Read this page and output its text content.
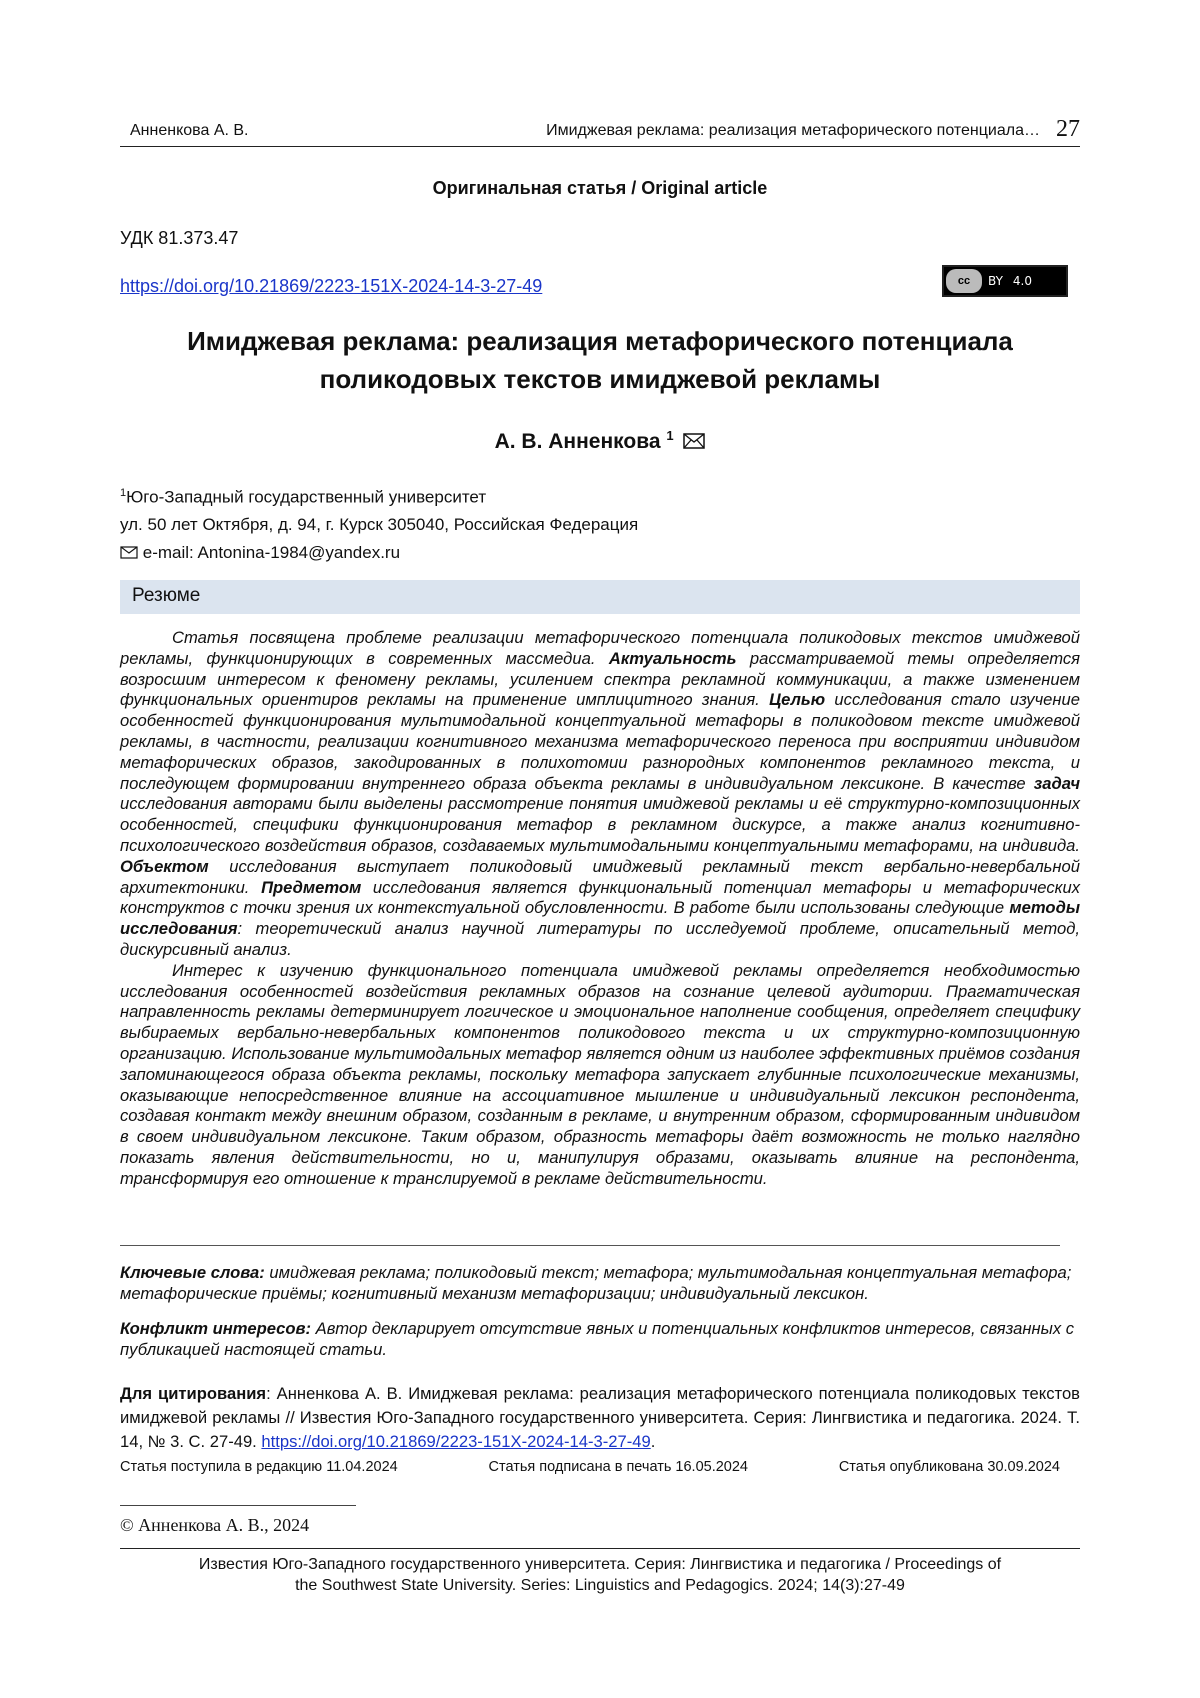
Анненкова А. В.	Имиджевая реклама: реализация метафорического потенциала… 27
Оригинальная статья / Original article
УДК 81.373.47
https://doi.org/10.21869/2223-151X-2024-14-3-27-49	cc	BY 4.0
Имиджевая реклама: реализация метафорического потенциала
поликодовых текстов имиджевой рекламы
А. В. Анненкова 1
1Юго-Западный государственный университет
ул. 50 лет Октября, д. 94, г. Курск 305040, Российская Федерация
e-mail: Antonina-1984@yandex.ru
Резюме

Статья посвящена проблеме реализации метафорического потенциала поликодовых текстов имиджевой рекламы, функционирующих в современных массмедиа. Актуальность рассматриваемой темы определяется возросшим интересом к феномену рекламы, усилением спектра рекламной коммуникации, а также изменением функциональных ориентиров рекламы на применение имплицитного знания. Целью исследования стало изучение особенностей функционирования мультимодальной концептуальной метафоры в поликодовом тексте имиджевой рекламы, в частности, реализации когнитивного механизма метафорического переноса при восприятии индивидом метафорических образов, закодированных в полихотомии разнородных компонентов рекламного текста, и последующем формировании внутреннего образа объекта рекламы в индивидуальном лексиконе. В качестве задач исследования авторами были выделены рассмотрение понятия имиджевой рекламы и её структурно-композиционных особенностей, специфики функционирования метафор в рекламном дискурсе, а также анализ когнитивно-психологического воздействия образов, создаваемых мультимодальными концептуальными метафорами, на индивида. Объектом исследования выступает поликодовый имиджевый рекламный текст вербально-невербальной архитектоники. Предметом исследования является функциональный потенциал метафоры и метафорических конструктов с точки зрения их контекстуальной обусловленности. В работе были использованы следующие методы исследования: теоретический анализ научной литературы по исследуемой проблеме, описательный метод, дискурсивный анализ.

Интерес к изучению функционального потенциала имиджевой рекламы определяется необходимостью исследования особенностей воздействия рекламных образов на сознание целевой аудитории. Прагматическая направленность рекламы детерминирует логическое и эмоциональное наполнение сообщения, определяет специфику выбираемых вербально-невербальных компонентов поликодового текста и их структурно-композиционную организацию. Использование мультимодальных метафор является одним из наиболее эффективных приёмов создания запоминающегося образа объекта рекламы, поскольку метафора запускает глубинные психологические механизмы, оказывающие непосредственное влияние на ассоциативное мышление и индивидуальный лексикон респондента, создавая контакт между внешним образом, созданным в рекламе, и внутренним образом, сформированным индивидом в своем индивидуальном лексиконе. Таким образом, образность метафоры даёт возможность не только наглядно показать явления действительности, но и, манипулируя образами, оказывать влияние на респондента, трансформируя его отношение к транслируемой в рекламе действительности.

Ключевые слова: имиджевая реклама; поликодовый текст; метафора; мультимодальная концептуальная метафора; метафорические приёмы; когнитивный механизм метафоризации; индивидуальный лексикон.
Конфликт интересов: Автор декларирует отсутствие явных и потенциальных конфликтов интересов, связанных с публикацией настоящей статьи.
Для цитирования: Анненкова А. В. Имиджевая реклама: реализация метафорического потенциала поликодовых текстов имиджевой рекламы // Известия Юго-Западного государственного университета. Серия: Лингвистика и педагогика. 2024. Т. 14, № 3. С. 27-49. https://doi.org/10.21869/2223-151X-2024-14-3-27-49.
Статья поступила в редакцию 11.04.2024	Статья подписана в печать 16.05.2024	Статья опубликована 30.09.2024
© Анненкова А. В., 2024
Известия Юго-Западного государственного университета. Серия: Лингвистика и педагогика / Proceedings of
the Southwest State University. Series: Linguistics and Pedagogics. 2024; 14(3):27-49
